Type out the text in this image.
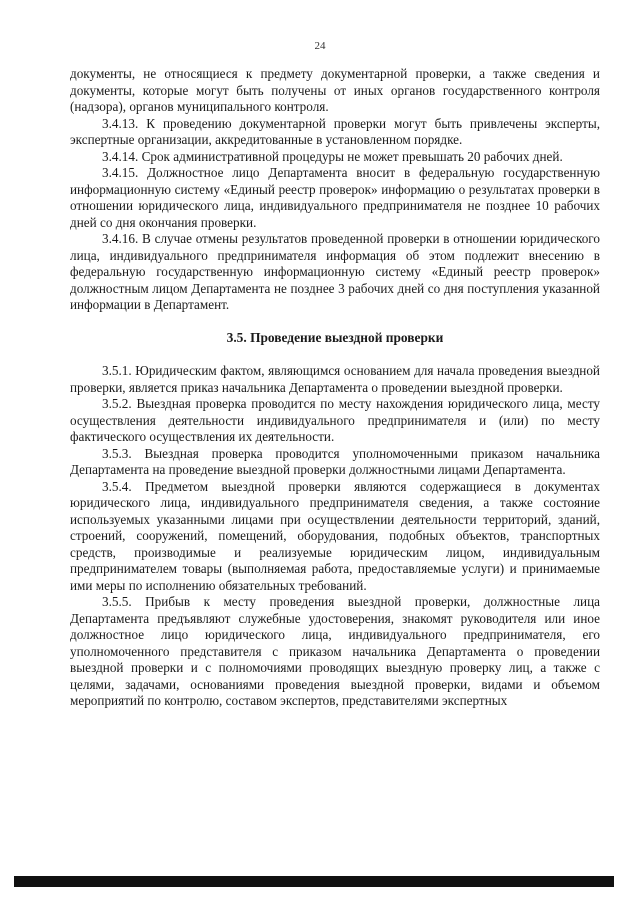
24

документы, не относящиеся к предмету документарной проверки, а также сведения и документы, которые могут быть получены от иных органов государственного контроля (надзора), органов муниципального контроля.

3.4.13. К проведению документарной проверки могут быть привлечены эксперты, экспертные организации, аккредитованные в установленном порядке.

3.4.14. Срок административной процедуры не может превышать 20 рабочих дней.

3.4.15. Должностное лицо Департамента вносит в федеральную государственную информационную систему «Единый реестр проверок» информацию о результатах проверки в отношении юридического лица, индивидуального предпринимателя не позднее 10 рабочих дней со дня окончания проверки.

3.4.16. В случае отмены результатов проведенной проверки в отношении юридического лица, индивидуального предпринимателя информация об этом подлежит внесению в федеральную государственную информационную систему «Единый реестр проверок» должностным лицом Департамента не позднее 3 рабочих дней со дня поступления указанной информации в Департамент.

3.5. Проведение выездной проверки

3.5.1. Юридическим фактом, являющимся основанием для начала проведения выездной проверки, является приказ начальника Департамента о проведении выездной проверки.

3.5.2. Выездная проверка проводится по месту нахождения юридического лица, месту осуществления деятельности индивидуального предпринимателя и (или) по месту фактического осуществления их деятельности.

3.5.3. Выездная проверка проводится уполномоченными приказом начальника Департамента на проведение выездной проверки должностными лицами Департамента.

3.5.4. Предметом выездной проверки являются содержащиеся в документах юридического лица, индивидуального предпринимателя сведения, а также состояние используемых указанными лицами при осуществлении деятельности территорий, зданий, строений, сооружений, помещений, оборудования, подобных объектов, транспортных средств, производимые и реализуемые юридическим лицом, индивидуальным предпринимателем товары (выполняемая работа, предоставляемые услуги) и принимаемые ими меры по исполнению обязательных требований.

3.5.5. Прибыв к месту проведения выездной проверки, должностные лица Департамента предъявляют служебные удостоверения, знакомят руководителя или иное должностное лицо юридического лица, индивидуального предпринимателя, его уполномоченного представителя с приказом начальника Департамента о проведении выездной проверки и с полномочиями проводящих выездную проверку лиц, а также с целями, задачами, основаниями проведения выездной проверки, видами и объемом мероприятий по контролю, составом экспертов, представителями экспертных
